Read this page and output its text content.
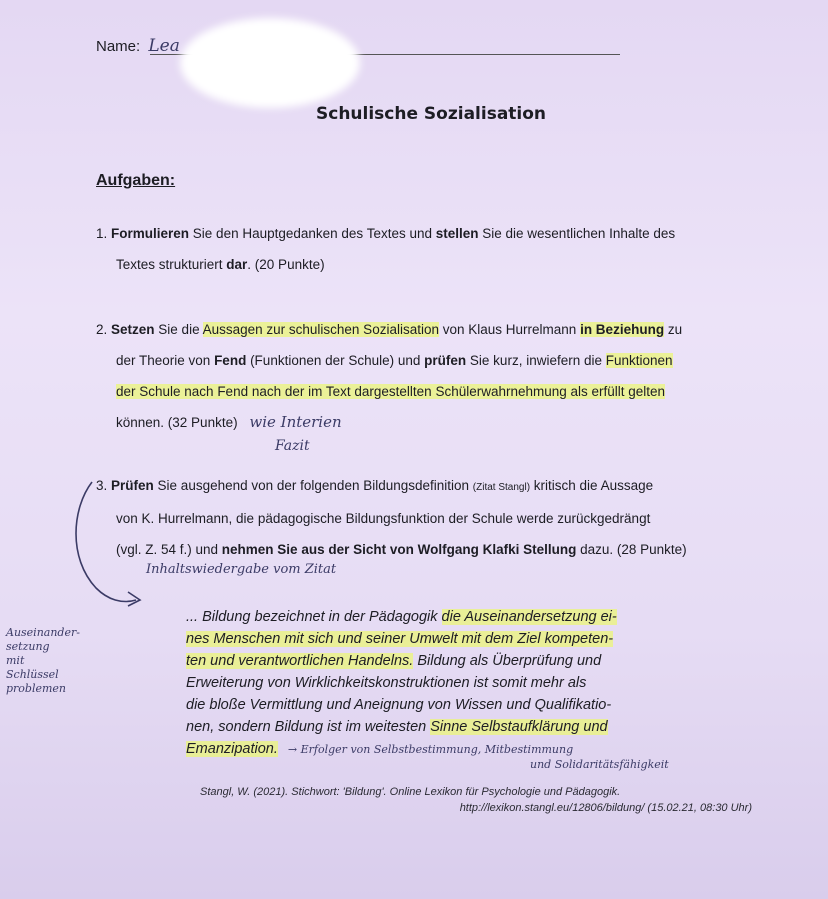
Name: Lea
Schulische Sozialisation
Aufgaben:
1. Formulieren Sie den Hauptgedanken des Textes und stellen Sie die wesentlichen Inhalte des
Textes strukturiert dar. (20 Punkte)
2. Setzen Sie die Aussagen zur schulischen Sozialisation von Klaus Hurrelmann in Beziehung zu
der Theorie von Fend (Funktionen der Schule) und prüfen Sie kurz, inwiefern die Funktionen
der Schule nach Fend nach der im Text dargestellten Schülerwahrnehmung als erfüllt gelten
können. (32 Punkte) wie Interien
Fazit
3. Prüfen Sie ausgehend von der folgenden Bildungsdefinition (Zitat Stangl) kritisch die Aussage
von K. Hurrelmann, die pädagogische Bildungsfunktion der Schule werde zurückgedrängt
(vgl. Z. 54 f.) und nehmen Sie aus der Sicht von Wolfgang Klafki Stellung dazu. (28 Punkte)
Inhaltswiedergabe vom Zitat
Auseinander-
setzung
mit
Schlüssel
problemen
... Bildung bezeichnet in der Pädagogik die Auseinandersetzung ei-
nes Menschen mit sich und seiner Umwelt mit dem Ziel kompeten-
ten und verantwortlichen Handelns. Bildung als Überprüfung und
Erweiterung von Wirklichkeitskonstruktionen ist somit mehr als
die bloße Vermittlung und Aneignung von Wissen und Qualifikatio-
nen, sondern Bildung ist im weitesten Sinne Selbstaufklärung und
Emanzipation. → Erfolger von Selbstbestimmung, Mitbestimmung
und Solidaritätsfähigkeit
Stangl, W. (2021). Stichwort: 'Bildung'. Online Lexikon für Psychologie und Pädagogik.
http://lexikon.stangl.eu/12806/bildung/ (15.02.21, 08:30 Uhr)
